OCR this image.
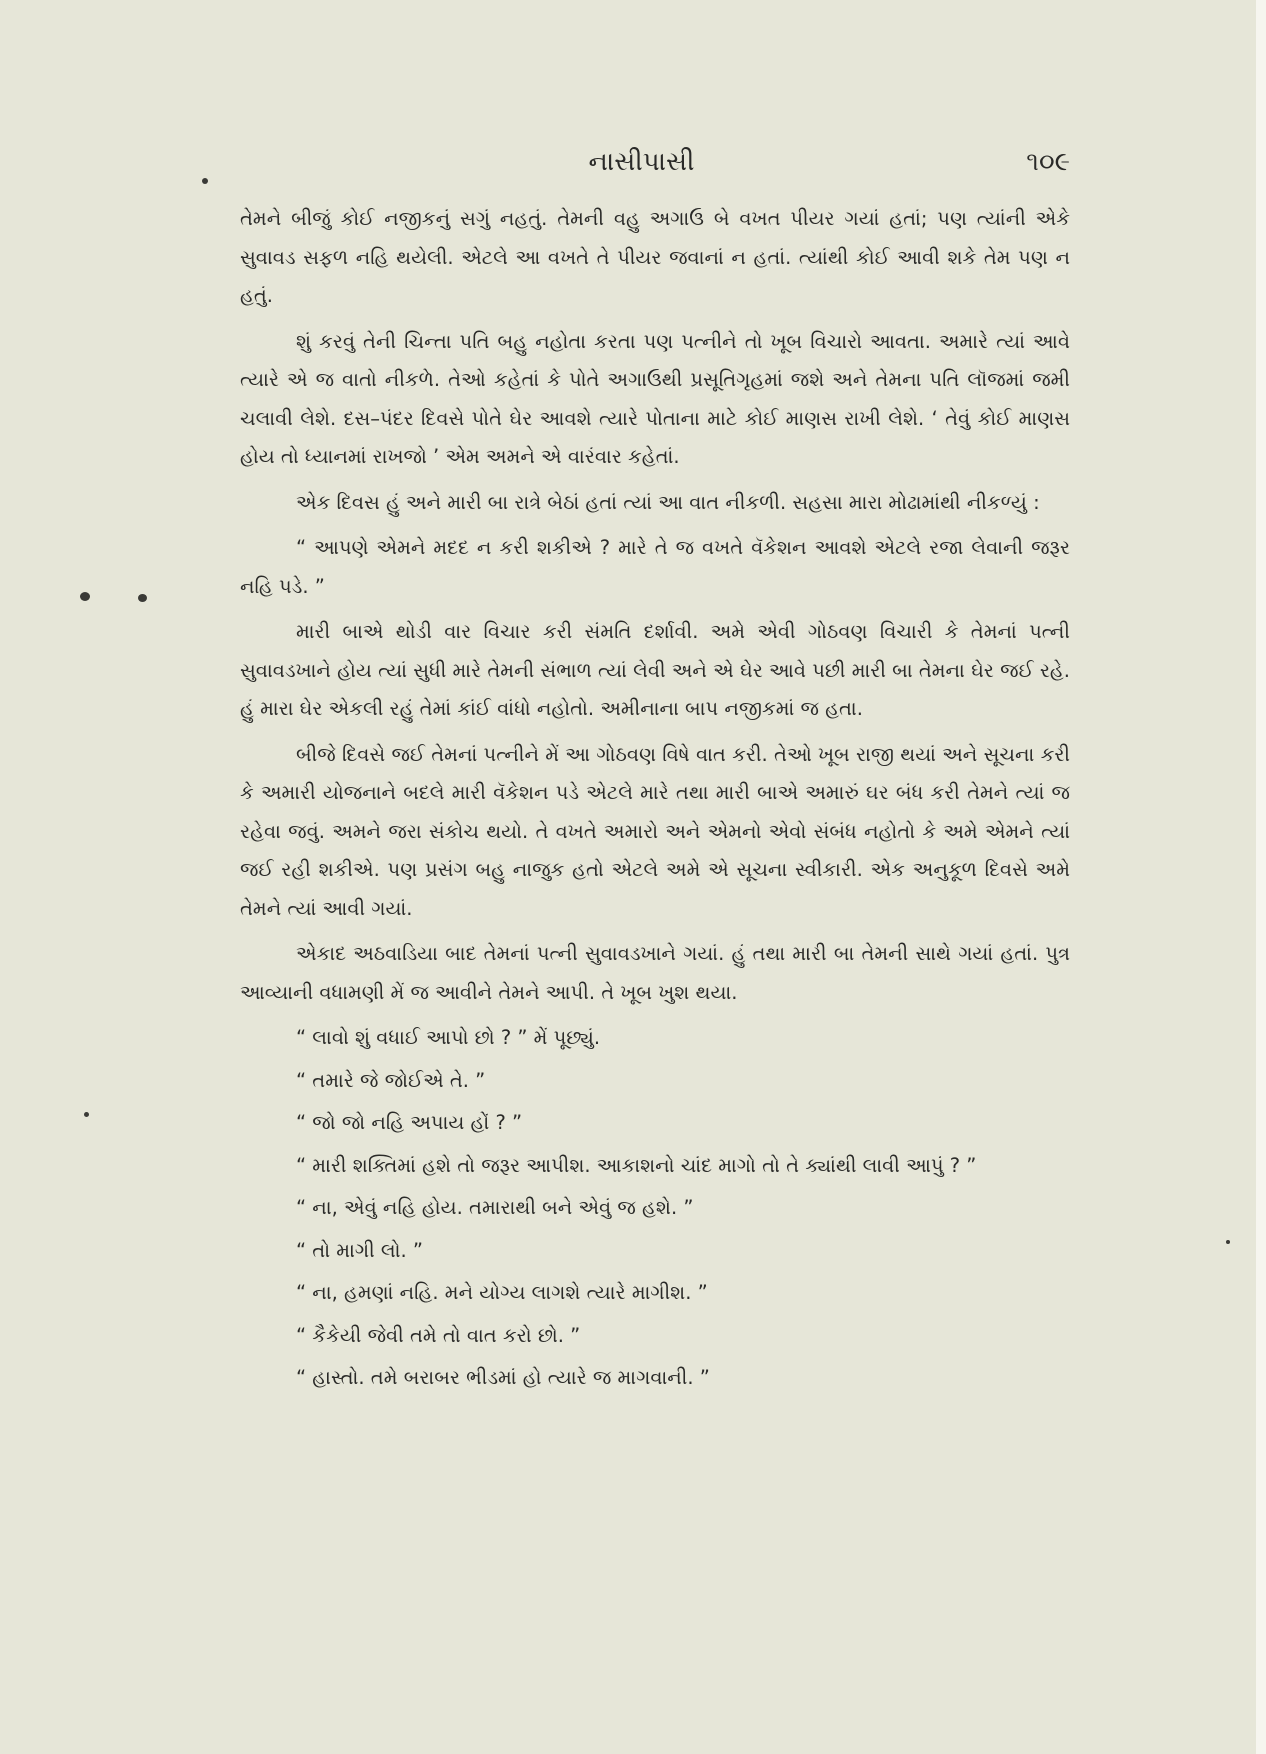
નાસીપાસી	૧૦૯

તેમને બીજું કોઈ નજીકનું સગું નહતું. તેમની વહુ અગાઉ બે વખત પીયર ગયાં હતાં; પણ ત્યાંની એકે સુવાવડ સફળ નહિ થયેલી. એટલે આ વખતે તે પીયર જવાનાં ન હતાં. ત્યાંથી કોઈ આવી શકે તેમ પણ ન હતું.

શું કરવું તેની ચિન્તા પતિ બહુ નહોતા કરતા પણ પત્નીને તો ખૂબ વિચારો આવતા. અમારે ત્યાં આવે ત્યારે એ જ વાતો નીકળે. તેઓ કહેતાં કે પોતે અગાઉથી પ્રસૂતિગૃહમાં જશે અને તેમના પતિ લૉજમાં જમી ચલાવી લેશે. દસ–પંદર દિવસે પોતે ઘેર આવશે ત્યારે પોતાના માટે કોઈ માણસ રાખી લેશે. ‘ તેવું કોઈ માણસ હોય તો ધ્યાનમાં રાખજો ’ એમ અમને એ વારંવાર કહેતાં.

એક દિવસ હું અને મારી બા રાત્રે બેઠાં હતાં ત્યાં આ વાત નીકળી. સહસા મારા મોઢામાંથી નીકળ્યું :

“ આપણે એમને મદદ ન કરી શકીએ ? મારે તે જ વખતે વૅકેશન આવશે એટલે રજા લેવાની જરૂર નહિ પડે. ”

મારી બાએ થોડી વાર વિચાર કરી સંમતિ દર્શાવી. અમે એવી ગોઠવણ વિચારી કે તેમનાં પત્ની સુવાવડખાને હોય ત્યાં સુધી મારે તેમની સંભાળ ત્યાં લેવી અને એ ઘેર આવે પછી મારી બા તેમના ઘેર જઈ રહે. હું મારા ઘેર એકલી રહું તેમાં કાંઈ વાંધો નહોતો. અમીનાના બાપ નજીકમાં જ હતા.

બીજે દિવસે જઈ તેમનાં પત્નીને મેં આ ગોઠવણ વિષે વાત કરી. તેઓ ખૂબ રાજી થયાં અને સૂચના કરી કે અમારી યોજનાને બદલે મારી વૅકેશન પડે એટલે મારે તથા મારી બાએ અમારું ઘર બંધ કરી તેમને ત્યાં જ રહેવા જવું. અમને જરા સંકોચ થયો. તે વખતે અમારો અને એમનો એવો સંબંધ નહોતો કે અમે એમને ત્યાં જઈ રહી શકીએ. પણ પ્રસંગ બહુ નાજુક હતો એટલે અમે એ સૂચના સ્વીકારી. એક અનુકૂળ દિવસે અમે તેમને ત્યાં આવી ગયાં.

એકાદ અઠવાડિયા બાદ તેમનાં પત્ની સુવાવડખાને ગયાં. હું તથા મારી બા તેમની સાથે ગયાં હતાં. પુત્ર આવ્યાની વધામણી મેં જ આવીને તેમને આપી. તે ખૂબ ખુશ થયા.

“ લાવો શું વધાઈ આપો છો ? ” મેં પૂછ્યું.

“ તમારે જે જોઈએ તે. ”

“ જો જો નહિ અપાય હોં ? ”

“ મારી શક્તિમાં હશે તો જરૂર આપીશ. આકાશનો ચાંદ માગો તો તે ક્યાંથી લાવી આપું ? ”

“ ના, એવું નહિ હોય. તમારાથી બને એવું જ હશે. ”

“ તો માગી લો. ”

“ ના, હમણાં નહિ. મને યોગ્ય લાગશે ત્યારે માગીશ. ”

“ કૈકેયી જેવી તમે તો વાત કરો છો. ”

“ હાસ્તો. તમે બરાબર ભીડમાં હો ત્યારે જ માગવાની. ”
